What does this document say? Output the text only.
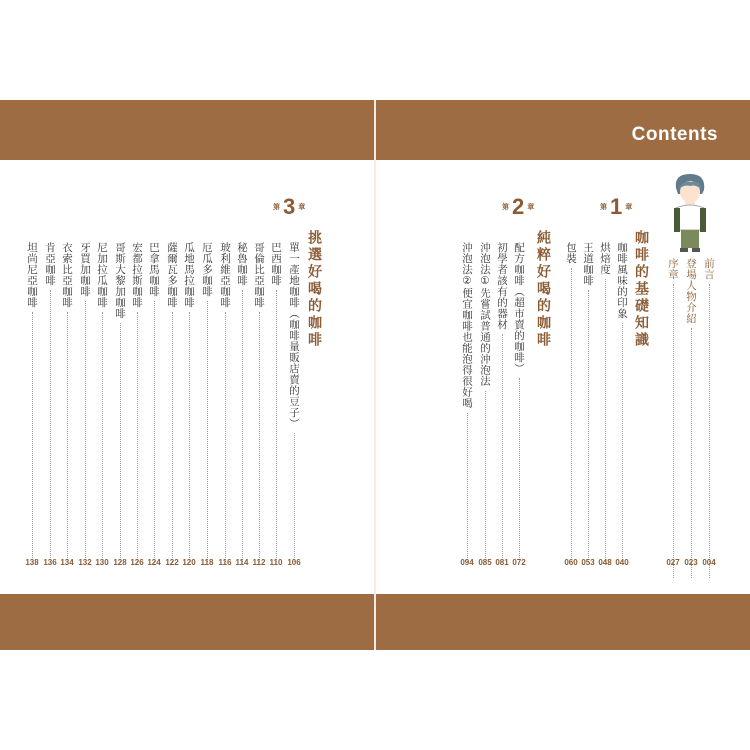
Contents
前言
004
登場人物介紹
023
序章
027
第 1 章
咖啡的基礎知識
咖啡風味的印象
040
烘焙度
048
王道咖啡
053
包裝
060
第 2 章
純粹好喝的咖啡
配方咖啡（超市賣的咖啡）
072
初學者該有的器材
081
沖泡法①先嘗試普通的沖泡法
085
沖泡法②便宜咖啡也能泡得很好喝
094
第 3 章
挑選好喝的咖啡
單一產地咖啡（咖啡量販店賣的豆子）
106
巴西咖啡
110
哥倫比亞咖啡
112
秘魯咖啡
114
玻利維亞咖啡
116
厄瓜多咖啡
118
瓜地馬拉咖啡
120
薩爾瓦多咖啡
122
巴拿馬咖啡
124
宏都拉斯咖啡
126
哥斯大黎加咖啡
128
尼加拉瓜咖啡
130
牙買加咖啡
132
衣索比亞咖啡
134
肯亞咖啡
136
坦尚尼亞咖啡
138
